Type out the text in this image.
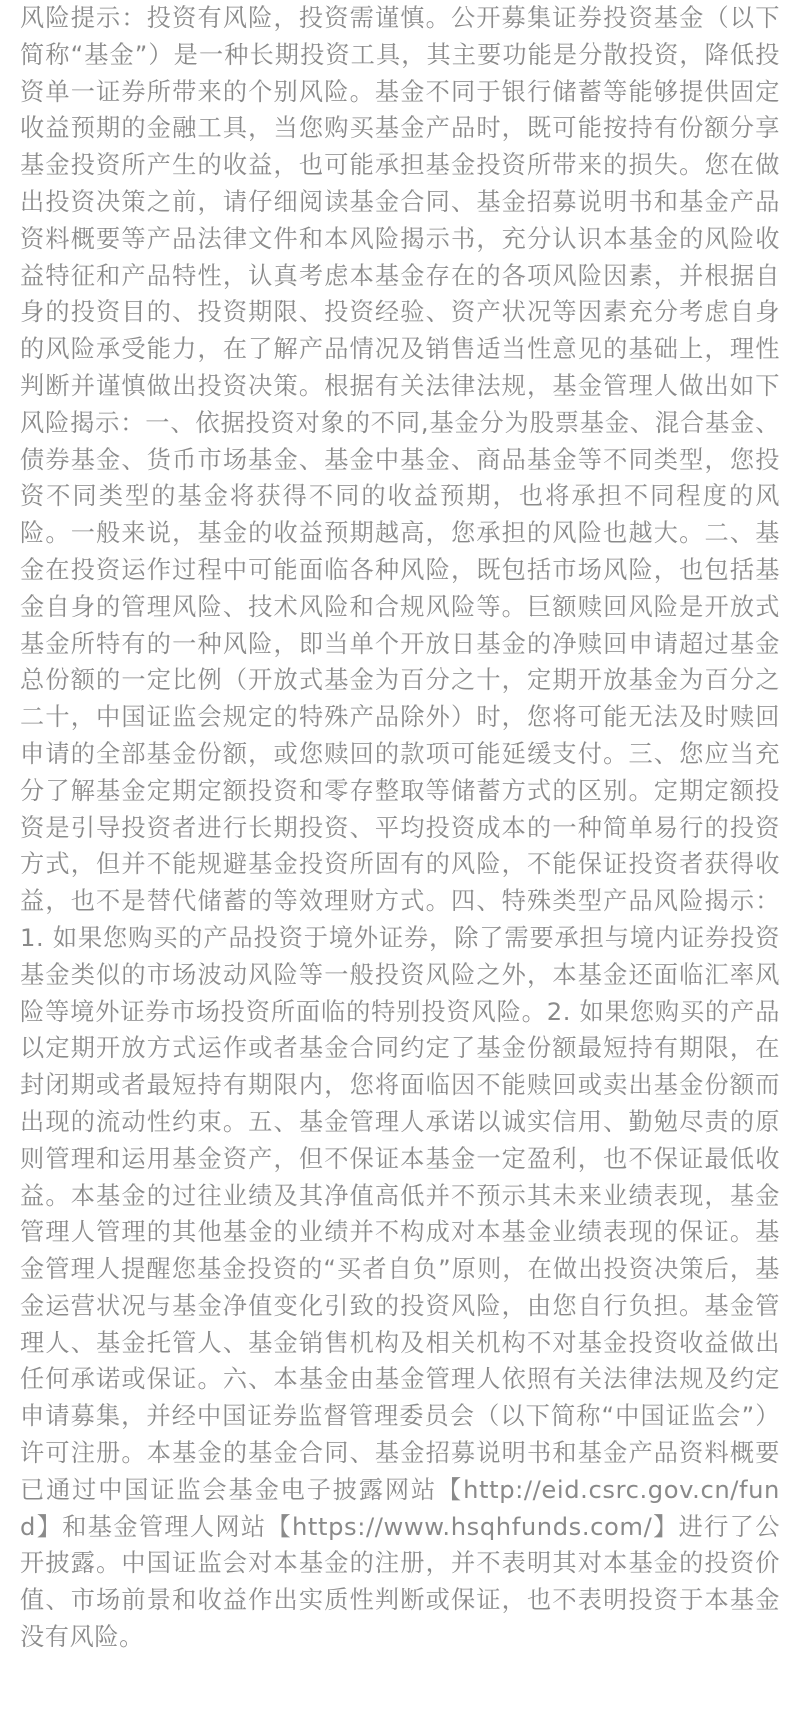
风险提示：投资有风险，投资需谨慎。公开募集证券投资基金（以下简称“基金”）是一种长期投资工具，其主要功能是分散投资，降低投资单一证券所带来的个别风险。基金不同于银行储蓄等能够提供固定收益预期的金融工具，当您购买基金产品时，既可能按持有份额分享基金投资所产生的收益，也可能承担基金投资所带来的损失。您在做出投资决策之前，请仔细阅读基金合同、基金招募说明书和基金产品资料概要等产品法律文件和本风险揭示书，充分认识本基金的风险收益特征和产品特性，认真考虑本基金存在的各项风险因素，并根据自身的投资目的、投资期限、投资经验、资产状况等因素充分考虑自身的风险承受能力，在了解产品情况及销售适当性意见的基础上，理性判断并谨慎做出投资决策。根据有关法律法规，基金管理人做出如下风险揭示：一、依据投资对象的不同,基金分为股票基金、混合基金、债券基金、货币市场基金、基金中基金、商品基金等不同类型，您投资不同类型的基金将获得不同的收益预期，也将承担不同程度的风险。一般来说，基金的收益预期越高，您承担的风险也越大。二、基金在投资运作过程中可能面临各种风险，既包括市场风险，也包括基金自身的管理风险、技术风险和合规风险等。巨额赎回风险是开放式基金所特有的一种风险，即当单个开放日基金的净赎回申请超过基金总份额的一定比例（开放式基金为百分之十，定期开放基金为百分之二十，中国证监会规定的特殊产品除外）时，您将可能无法及时赎回申请的全部基金份额，或您赎回的款项可能延缓支付。三、您应当充分了解基金定期定额投资和零存整取等储蓄方式的区别。定期定额投资是引导投资者进行长期投资、平均投资成本的一种简单易行的投资方式，但并不能规避基金投资所固有的风险，不能保证投资者获得收益，也不是替代储蓄的等效理财方式。四、特殊类型产品风险揭示：1. 如果您购买的产品投资于境外证券，除了需要承担与境内证券投资基金类似的市场波动风险等一般投资风险之外，本基金还面临汇率风险等境外证券市场投资所面临的特别投资风险。2. 如果您购买的产品以定期开放方式运作或者基金合同约定了基金份额最短持有期限，在封闭期或者最短持有期限内，您将面临因不能赎回或卖出基金份额而出现的流动性约束。五、基金管理人承诺以诚实信用、勤勉尽责的原则管理和运用基金资产，但不保证本基金一定盈利，也不保证最低收益。本基金的过往业绩及其净值高低并不预示其未来业绩表现，基金管理人管理的其他基金的业绩并不构成对本基金业绩表现的保证。基金管理人提醒您基金投资的“买者自负”原则，在做出投资决策后，基金运营状况与基金净值变化引致的投资风险，由您自行负担。基金管理人、基金托管人、基金销售机构及相关机构不对基金投资收益做出任何承诺或保证。六、本基金由基金管理人依照有关法律法规及约定申请募集，并经中国证券监督管理委员会（以下简称“中国证监会”）许可注册。本基金的基金合同、基金招募说明书和基金产品资料概要已通过中国证监会基金电子披露网站【http://eid.csrc.gov.cn/fund】和基金管理人网站【https://www.hsqhfunds.com/】进行了公开披露。中国证监会对本基金的注册，并不表明其对本基金的投资价值、市场前景和收益作出实质性判断或保证，也不表明投资于本基金没有风险。
